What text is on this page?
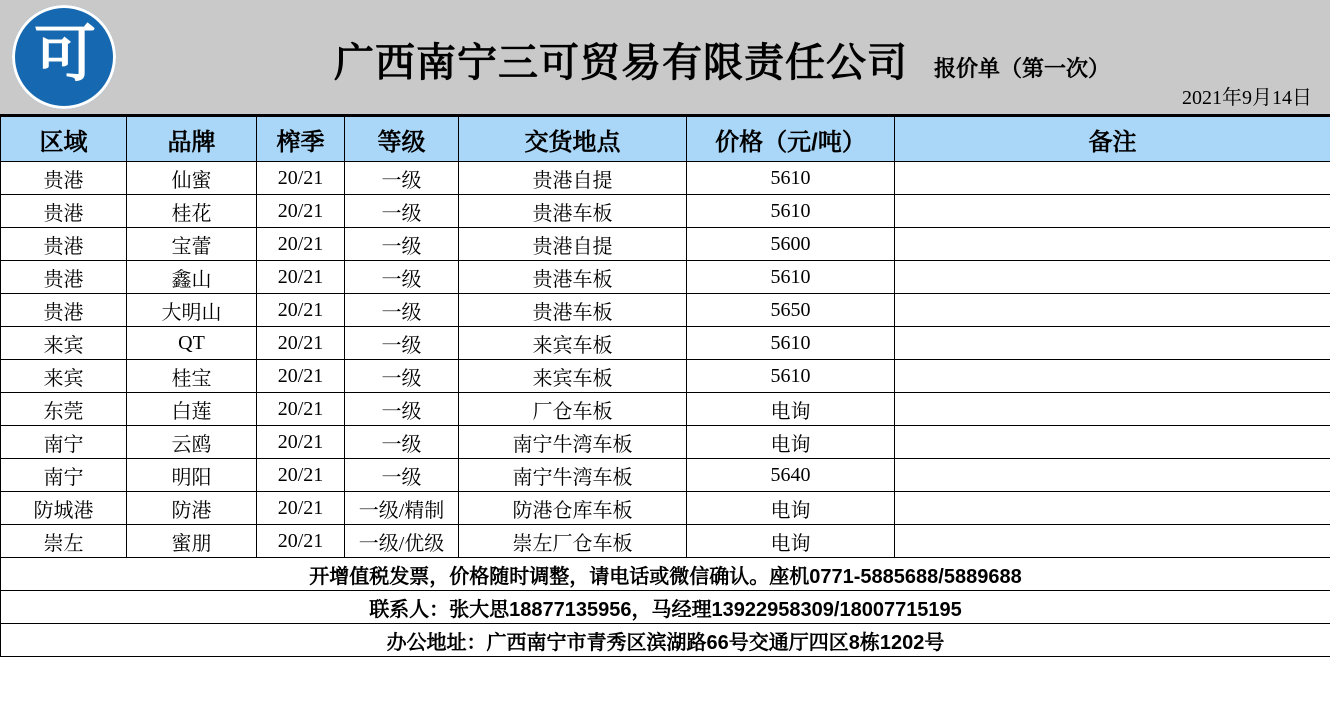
可	广西南宁三可贸易有限责任公司 报价单（第一次）
2021年9月14日
区域	品牌	榨季	等级	交货地点	价格（元/吨）	备注
贵港	仙蜜	20/21	一级	贵港自提	5610	
贵港	桂花	20/21	一级	贵港车板	5610	
贵港	宝蕾	20/21	一级	贵港自提	5600	
贵港	鑫山	20/21	一级	贵港车板	5610	
贵港	大明山	20/21	一级	贵港车板	5650	
来宾	QT	20/21	一级	来宾车板	5610	
来宾	桂宝	20/21	一级	来宾车板	5610	
东莞	白莲	20/21	一级	厂仓车板	电询	
南宁	云鸥	20/21	一级	南宁牛湾车板	电询	
南宁	明阳	20/21	一级	南宁牛湾车板	5640	
防城港	防港	20/21	一级/精制	防港仓库车板	电询	
崇左	蜜朋	20/21	一级/优级	崇左厂仓车板	电询	
开增值税发票，价格随时调整，请电话或微信确认。座机0771-5885688/5889688						
联系人：张大思18877135956，马经理13922958309/18007715195						
办公地址：广西南宁市青秀区滨湖路66号交通厅四区8栋1202号						
